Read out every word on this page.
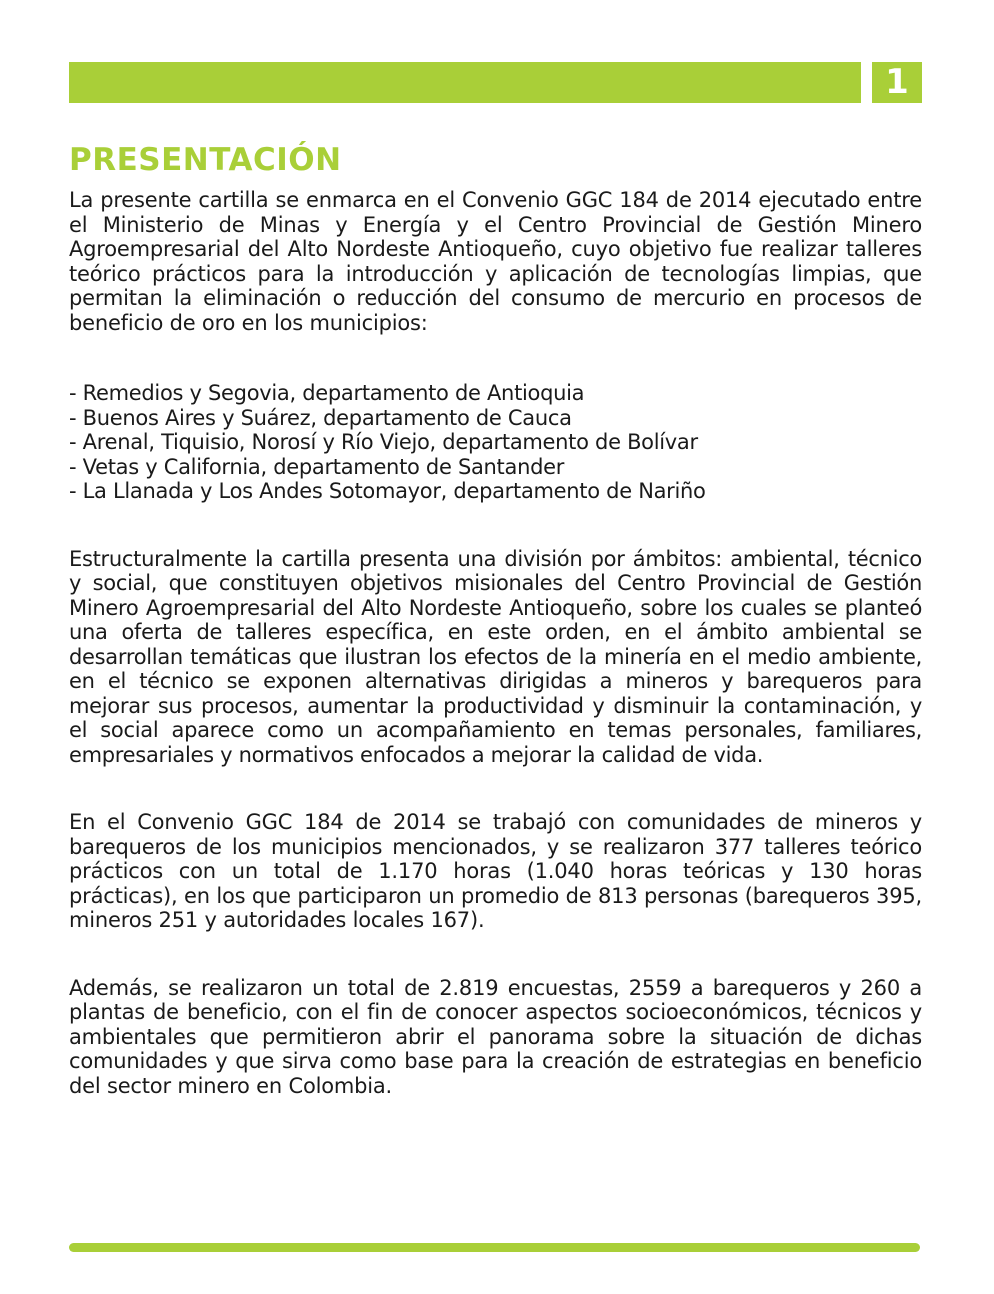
1
PRESENTACIÓN

La presente cartilla se enmarca en el Convenio GGC 184 de 2014 ejecutado entre el Ministerio de Minas y Energía y el Centro Provincial de Gestión Minero Agroempresarial del Alto Nordeste Antioqueño, cuyo objetivo fue realizar talleres teórico prácticos para la introducción y aplicación de tecnologías limpias, que permitan la eliminación o reducción del consumo de mercurio en procesos de beneficio de oro en los municipios:

- Remedios y Segovia, departamento de Antioquia
- Buenos Aires y Suárez, departamento de Cauca
- Arenal, Tiquisio, Norosí y Río Viejo, departamento de Bolívar
- Vetas y California, departamento de Santander
- La Llanada y Los Andes Sotomayor, departamento de Nariño

Estructuralmente la cartilla presenta una división por ámbitos: ambiental, técnico y social, que constituyen objetivos misionales del Centro Provincial de Gestión Minero Agroempresarial del Alto Nordeste Antioqueño, sobre los cuales se planteó una oferta de talleres específica, en este orden, en el ámbito ambiental se desarrollan temáticas que ilustran los efectos de la minería en el medio ambiente, en el técnico se exponen alternativas dirigidas a mineros y barequeros para mejorar sus procesos, aumentar la productividad y disminuir la contaminación, y el social aparece como un acompañamiento en temas personales, familiares, empresariales y normativos enfocados a mejorar la calidad de vida.

En el Convenio GGC 184 de 2014 se trabajó con comunidades de mineros y barequeros de los municipios mencionados, y se realizaron 377 talleres teórico prácticos con un total de 1.170 horas (1.040 horas teóricas y 130 horas prácticas), en los que participaron un promedio de 813 personas (barequeros 395, mineros 251 y autoridades locales 167).

Además, se realizaron un total de 2.819 encuestas, 2559 a barequeros y 260 a plantas de beneficio, con el fin de conocer aspectos socioeconómicos, técnicos y ambientales que permitieron abrir el panorama sobre la situación de dichas comunidades y que sirva como base para la creación de estrategias en beneficio del sector minero en Colombia.
